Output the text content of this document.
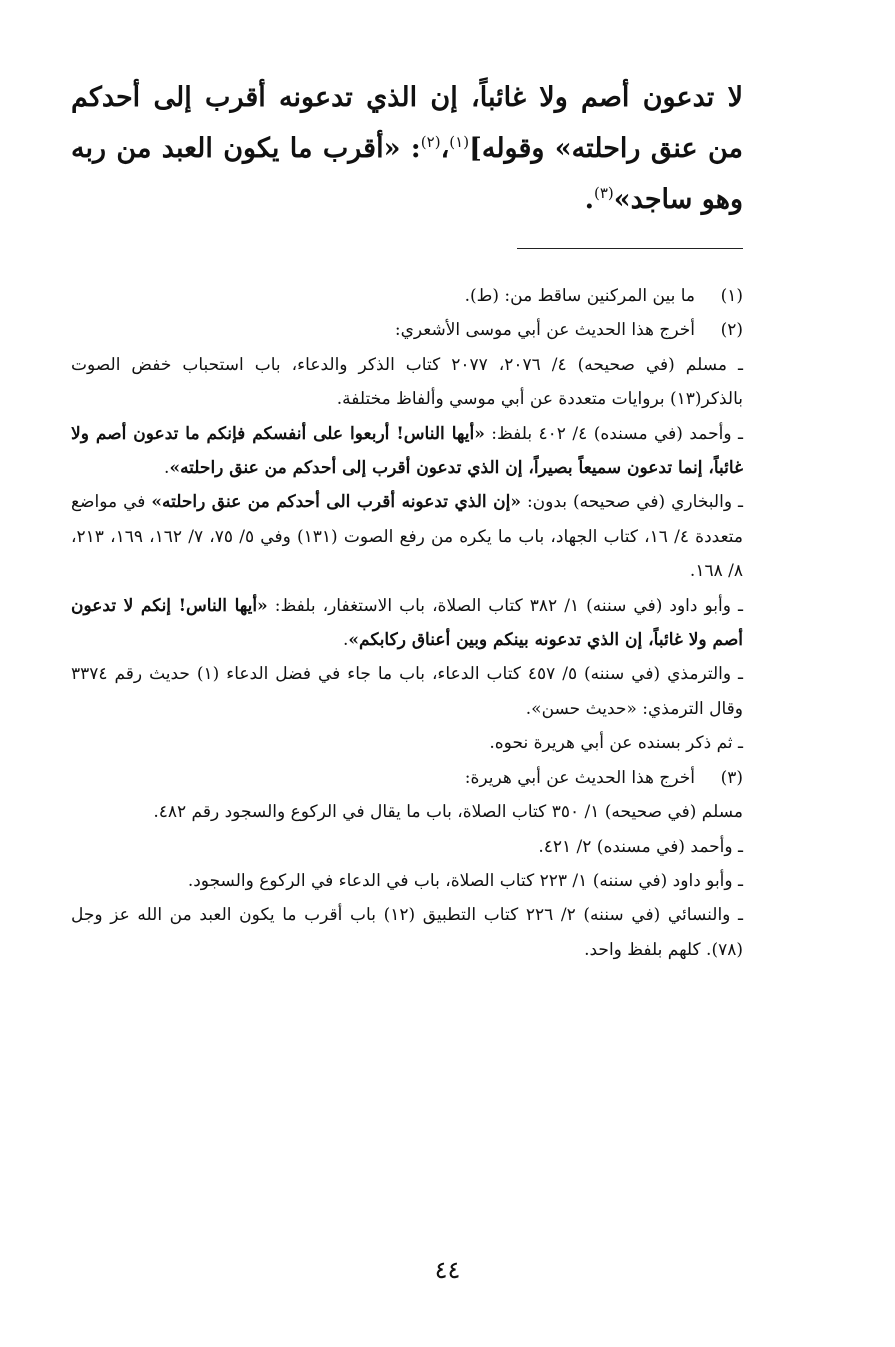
لا تدعون أصم ولا غائباً، إن الذي تدعونه أقرب إلى أحدكم من عنق راحلته» وقوله]$^{(١)}$،$^{(٢)}$: «أقرب ما يكون العبد من ربه وهو ساجد»$^{(٣)}$.

(١)
ما بين المركنين ساقط من: (ط).
(٢)
أخرج هذا الحديث عن أبي موسى الأشعري:

ـ مسلم (في صحيحه) ٤/ ٢٠٧٦، ٢٠٧٧ كتاب الذكر والدعاء، باب استحباب خفض الصوت بالذكر(١٣) بروايات متعددة عن أبي موسي وألفاظ مختلفة.

ـ وأحمد (في مسنده) ٤/ ٤٠٢ بلفظ: «أيها الناس! أربعوا على أنفسكم فإنكم ما تدعون أصم ولا غائباً، إنما تدعون سميعاً بصيراً، إن الذي تدعون أقرب إلى أحدكم من عنق راحلته».

ـ والبخاري (في صحيحه) بدون: «إن الذي تدعونه أقرب الى أحدكم من عنق راحلته» في مواضع متعددة ٤/ ١٦، كتاب الجهاد، باب ما يكره من رفع الصوت (١٣١) وفي ٥/ ٧٥، ٧/ ١٦٢، ١٦٩، ٢١٣، ٨/ ١٦٨.

ـ وأبو داود (في سننه) ١/ ٣٨٢ كتاب الصلاة، باب الاستغفار، بلفظ: «أيها الناس! إنكم لا تدعون أصم ولا غائباً، إن الذي تدعونه بينكم وبين أعناق ركابكم».

ـ والترمذي (في سننه) ٥/ ٤٥٧ كتاب الدعاء، باب ما جاء في فضل الدعاء (١) حديث رقم ٣٣٧٤ وقال الترمذي: «حديث حسن».

ـ ثم ذكر بسنده عن أبي هريرة نحوه.

(٣)
أخرج هذا الحديث عن أبي هريرة:

مسلم (في صحيحه) ١/ ٣٥٠ كتاب الصلاة، باب ما يقال في الركوع والسجود رقم ٤٨٢.

ـ وأحمد (في مسنده) ٢/ ٤٢١.

ـ وأبو داود (في سننه) ١/ ٢٢٣ كتاب الصلاة، باب في الدعاء في الركوع والسجود.

ـ والنسائي (في سننه) ٢/ ٢٢٦ كتاب التطبيق (١٢) باب أقرب ما يكون العبد من الله عز وجل (٧٨). كلهم بلفظ واحد.

٤٤
